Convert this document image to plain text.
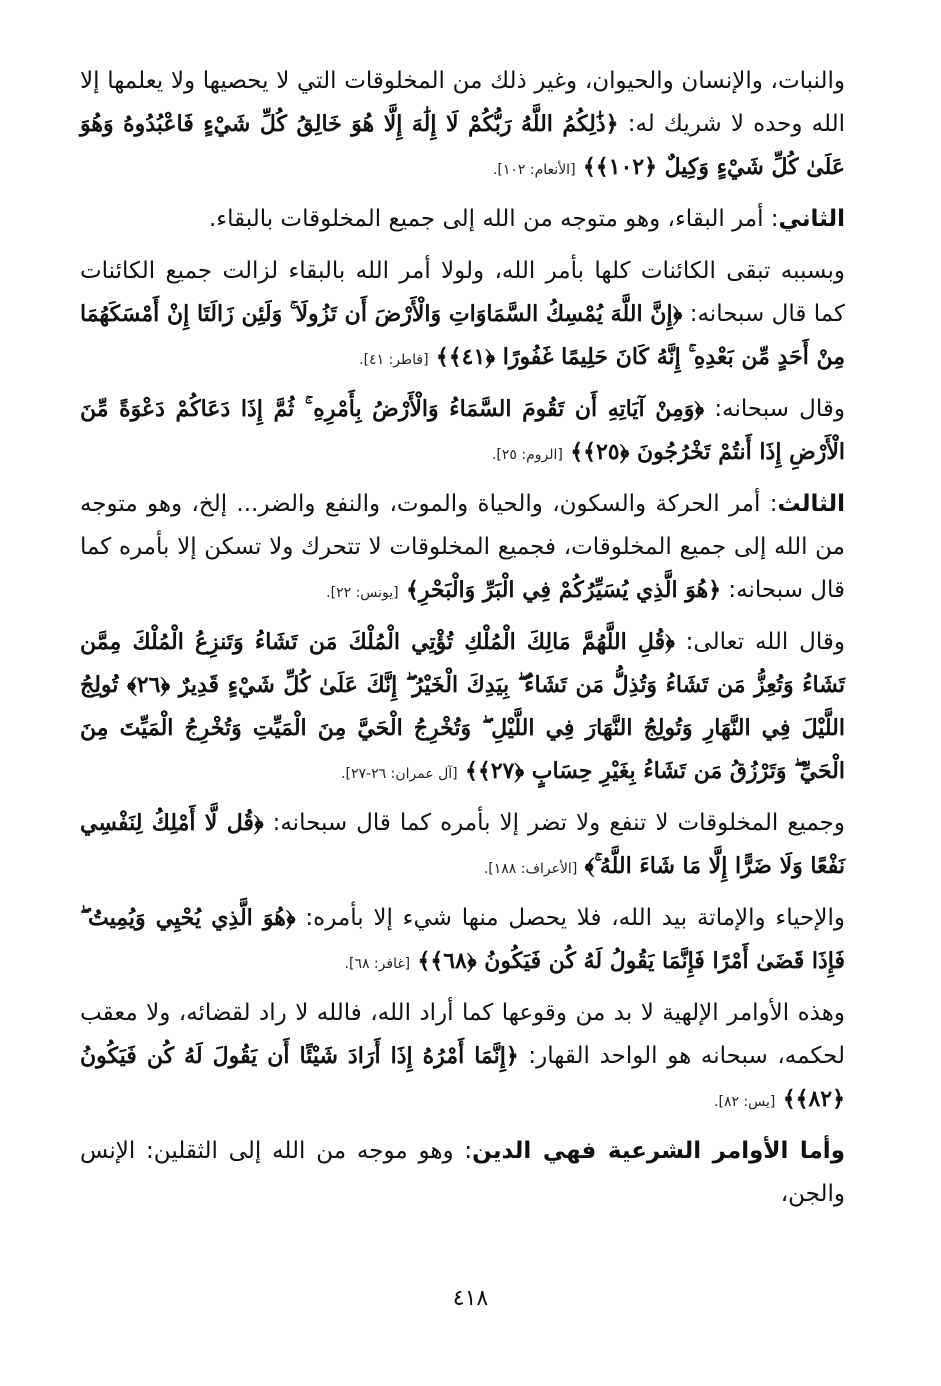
والنبات، والإنسان والحيوان، وغير ذلك من المخلوقات التي لا يحصيها ولا يعلمها إلا الله وحده لا شريك له: ﴿ذَٰلِكُمُ اللَّهُ رَبُّكُمْ لَا إِلَٰهَ إِلَّا هُوَ خَالِقُ كُلِّ شَيْءٍ فَاعْبُدُوهُ وَهُوَ عَلَىٰ كُلِّ شَيْءٍ وَكِيلٌ ﴿١٠٢﴾﴾ [الأنعام: ١٠٢].

الثاني: أمر البقاء، وهو متوجه من الله إلى جميع المخلوقات بالبقاء.

وبسببه تبقى الكائنات كلها بأمر الله، ولولا أمر الله بالبقاء لزالت جميع الكائنات كما قال سبحانه: ﴿إِنَّ اللَّهَ يُمْسِكُ السَّمَاوَاتِ وَالْأَرْضَ أَن تَزُولَا ۚ وَلَئِن زَالَتَا إِنْ أَمْسَكَهُمَا مِنْ أَحَدٍ مِّن بَعْدِهِ ۚ إِنَّهُ كَانَ حَلِيمًا غَفُورًا ﴿٤١﴾﴾ [فاطر: ٤١].

وقال سبحانه: ﴿وَمِنْ آيَاتِهِ أَن تَقُومَ السَّمَاءُ وَالْأَرْضُ بِأَمْرِهِ ۚ ثُمَّ إِذَا دَعَاكُمْ دَعْوَةً مِّنَ الْأَرْضِ إِذَا أَنتُمْ تَخْرُجُونَ ﴿٢٥﴾﴾ [الروم: ٢٥].

الثالث: أمر الحركة والسكون، والحياة والموت، والنفع والضر... إلخ، وهو متوجه من الله إلى جميع المخلوقات، فجميع المخلوقات لا تتحرك ولا تسكن إلا بأمره كما قال سبحانه: ﴿هُوَ الَّذِي يُسَيِّرُكُمْ فِي الْبَرِّ وَالْبَحْرِ﴾ [يونس: ٢٢].

وقال الله تعالى: ﴿قُلِ اللَّهُمَّ مَالِكَ الْمُلْكِ تُؤْتِي الْمُلْكَ مَن تَشَاءُ وَتَنزِعُ الْمُلْكَ مِمَّن تَشَاءُ وَتُعِزُّ مَن تَشَاءُ وَتُذِلُّ مَن تَشَاءُ ۖ بِيَدِكَ الْخَيْرُ ۖ إِنَّكَ عَلَىٰ كُلِّ شَيْءٍ قَدِيرٌ ﴿٢٦﴾ تُولِجُ اللَّيْلَ فِي النَّهَارِ وَتُولِجُ النَّهَارَ فِي اللَّيْلِ ۖ وَتُخْرِجُ الْحَيَّ مِنَ الْمَيِّتِ وَتُخْرِجُ الْمَيِّتَ مِنَ الْحَيِّ ۖ وَتَرْزُقُ مَن تَشَاءُ بِغَيْرِ حِسَابٍ ﴿٢٧﴾﴾ [آل عمران: ٢٦-٢٧].

وجميع المخلوقات لا تنفع ولا تضر إلا بأمره كما قال سبحانه: ﴿قُل لَّا أَمْلِكُ لِنَفْسِي نَفْعًا وَلَا ضَرًّا إِلَّا مَا شَاءَ اللَّهُ ۚ﴾ [الأعراف: ١٨٨].

والإحياء والإماتة بيد الله، فلا يحصل منها شيء إلا بأمره: ﴿هُوَ الَّذِي يُحْيِي وَيُمِيتُ ۖ فَإِذَا قَضَىٰ أَمْرًا فَإِنَّمَا يَقُولُ لَهُ كُن فَيَكُونُ ﴿٦٨﴾﴾ [غافر: ٦٨].

وهذه الأوامر الإلهية لا بد من وقوعها كما أراد الله، فالله لا راد لقضائه، ولا معقب لحكمه، سبحانه هو الواحد القهار: ﴿إِنَّمَا أَمْرُهُ إِذَا أَرَادَ شَيْئًا أَن يَقُولَ لَهُ كُن فَيَكُونُ ﴿٨٢﴾﴾ [يس: ٨٢].

وأما الأوامر الشرعية فهي الدين: وهو موجه من الله إلى الثقلين: الإنس والجن،

٤١٨
